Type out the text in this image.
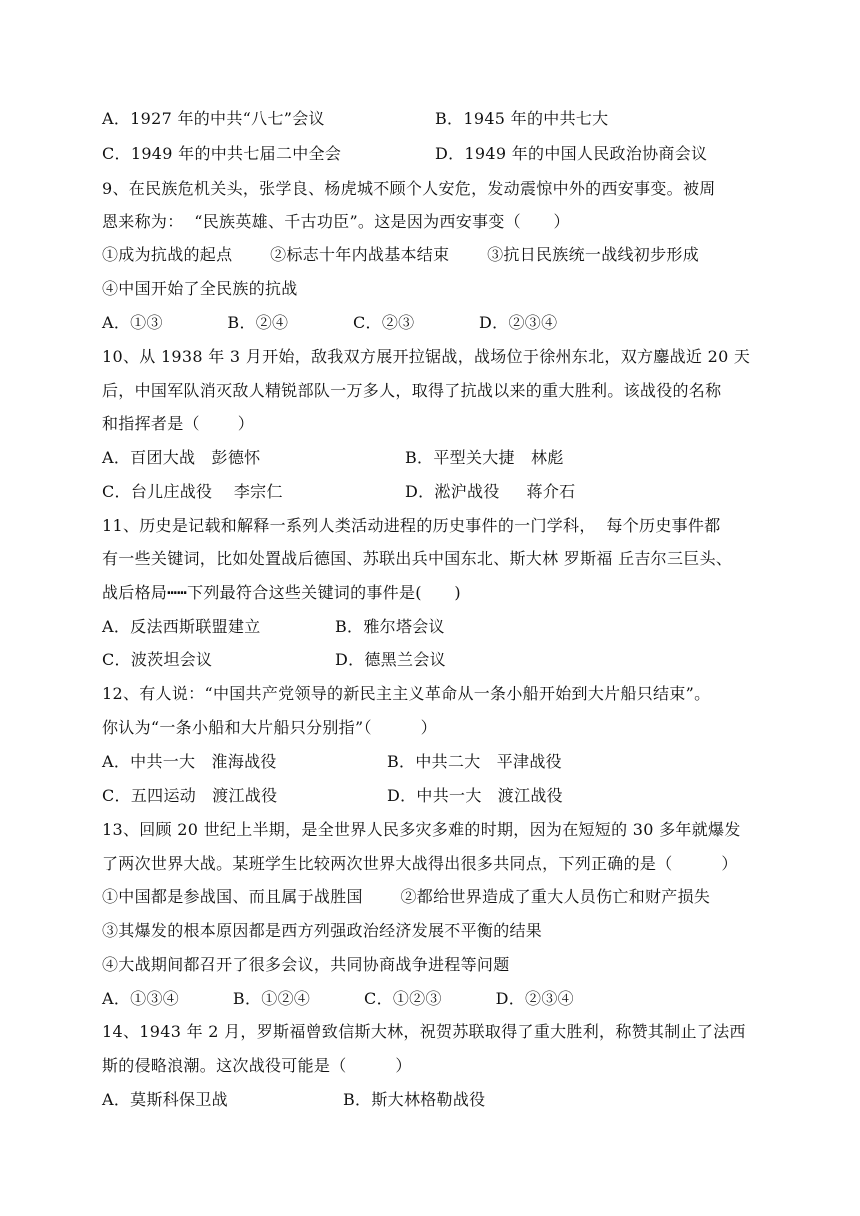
A．1927 年的中共“八七”会议	B．1945 年的中共七大
C．1949 年的中共七届二中全会	D．1949 年的中国人民政治协商会议
9、在民族危机关头，张学良、杨虎城不顾个人安危，发动震惊中外的西安事变。被周
恩来称为：  “民族英雄、千古功臣”。这是因为西安事变（　　）
①成为抗战的起点       ②标志十年内战基本结束       ③抗日民族统一战线初步形成
④中国开始了全民族的抗战
A．①③            B．②④            C．②③            D．②③④
10、从 1938 年 3 月开始，敌我双方展开拉锯战，战场位于徐州东北，双方鏖战近 20 天
后，中国军队消灭敌人精锐部队一万多人，取得了抗战以来的重大胜利。该战役的名称
和指挥者是（　　 ）
A．百团大战   彭德怀	B．平型关大捷   林彪
C．台儿庄战役    李宗仁	D．淞沪战役     蒋介石
11、历史是记载和解释一系列人类活动进程的历史事件的一门学科，  每个历史事件都
有一些关键词，比如处置战后德国、苏联出兵中国东北、斯大林 罗斯福 丘吉尔三巨头、
战后格局┅┅下列最符合这些关键词的事件是(　　)
A．反法西斯联盟建立	B．雅尔塔会议
C．波茨坦会议	D．德黑兰会议
12、有人说：“中国共产党领导的新民主主义革命从一条小船开始到大片船只结束”。
你认为“一条小船和大片船只分别指”（　　　）
A．中共一大   淮海战役	B．中共二大   平津战役
C．五四运动   渡江战役	D．中共一大   渡江战役
13、回顾 20 世纪上半期，是全世界人民多灾多难的时期，因为在短短的 30 多年就爆发
了两次世界大战。某班学生比较两次世界大战得出很多共同点，下列正确的是（　　　）
①中国都是参战国、而且属于战胜国       ②都给世界造成了重大人员伤亡和财产损失
③其爆发的根本原因都是西方列强政治经济发展不平衡的结果
④大战期间都召开了很多会议，共同协商战争进程等问题
A．①③④          B．①②④          C．①②③          D．②③④
14、1943 年 2 月，罗斯福曾致信斯大林，祝贺苏联取得了重大胜利，称赞其制止了法西
斯的侵略浪潮。这次战役可能是（　　　）
A．莫斯科保卫战	B．斯大林格勒战役
